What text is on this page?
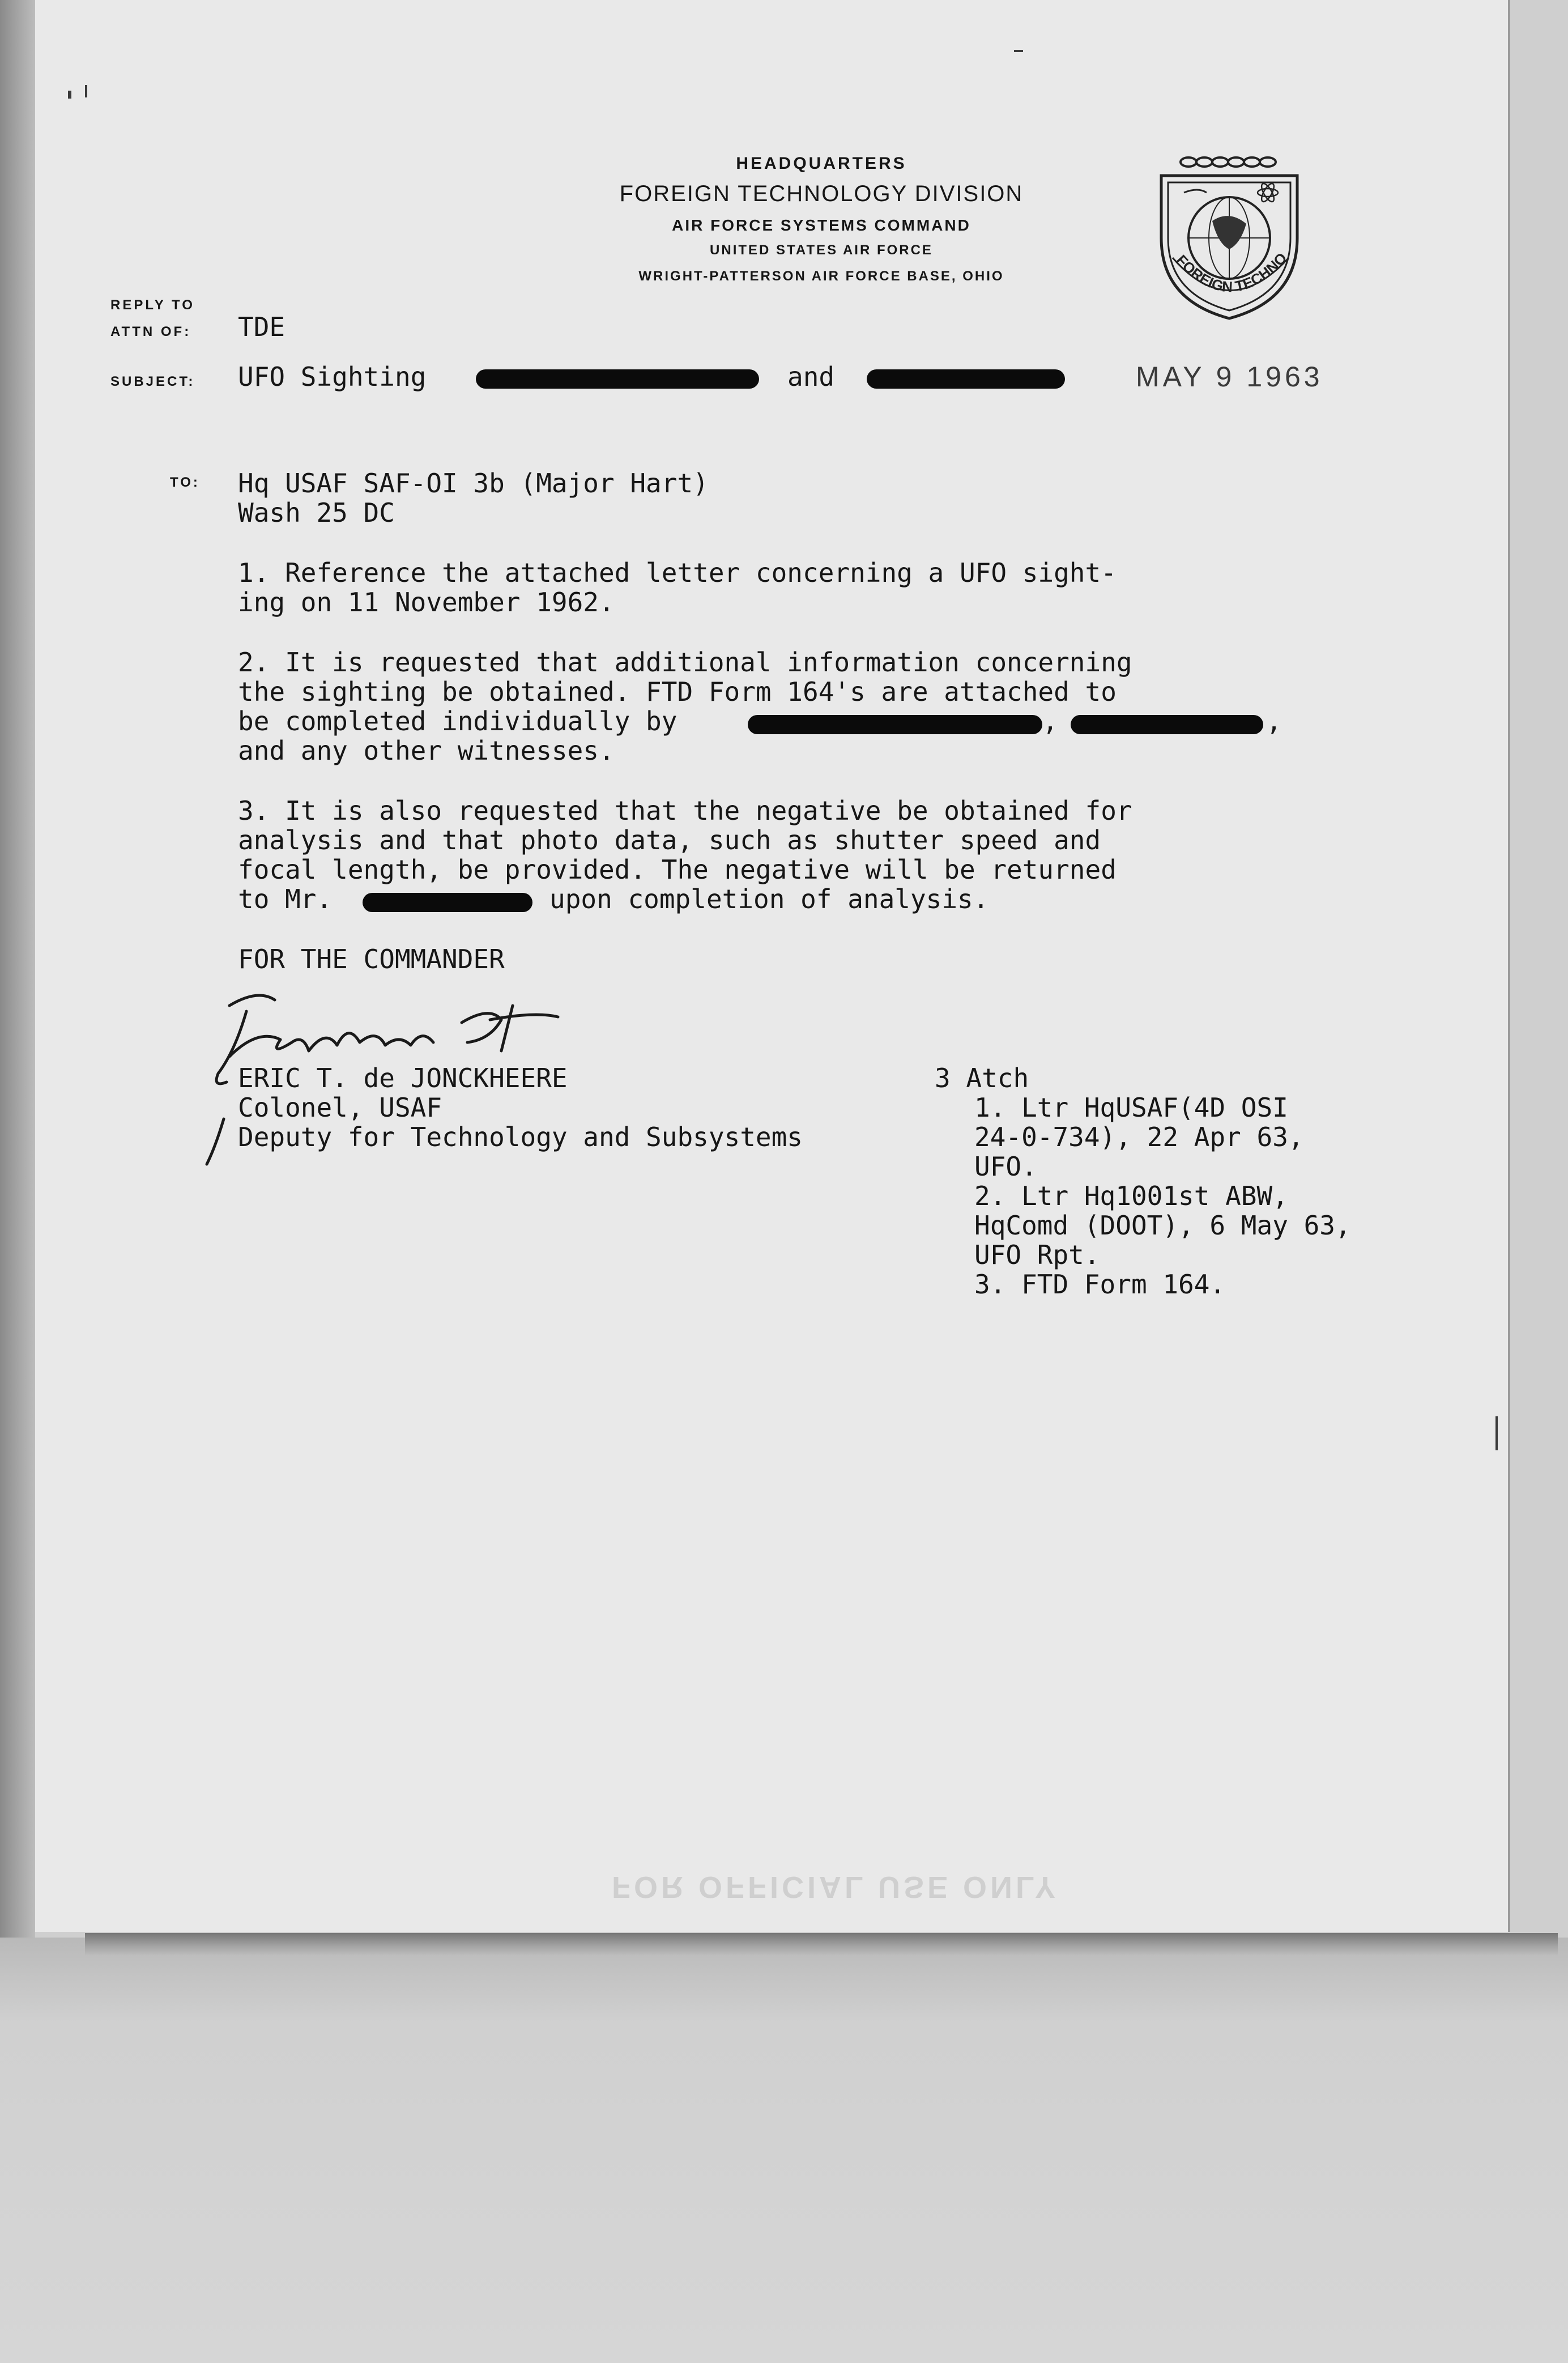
HEADQUARTERS
FOREIGN TECHNOLOGY DIVISION
AIR FORCE SYSTEMS COMMAND
UNITED STATES AIR FORCE
WRIGHT-PATTERSON AIR FORCE BASE, OHIO
FOREIGN TECHNO
REPLY TO
ATTN OF: TDE
SUBJECT: UFO Sighting	and	MAY 9 1963
TO: Hq USAF SAF-OI 3b (Major Hart)
Wash 25 DC
1. Reference the attached letter concerning a UFO sight-
ing on 11 November 1962.
2. It is requested that additional information concerning
the sighting be obtained. FTD Form 164's are attached to
be completed individually by	,	,
and any other witnesses.
3. It is also requested that the negative be obtained for
analysis and that photo data, such as shutter speed and
focal length, be provided. The negative will be returned
to Mr.	upon completion of analysis.
FOR THE COMMANDER
ERIC T. de JONCKHEERE
Colonel, USAF
Deputy for Technology and Subsystems
3 Atch
1. Ltr HqUSAF(4D OSI
24-0-734), 22 Apr 63,
UFO.
2. Ltr Hq1001st ABW,
HqComd (DOOT), 6 May 63,
UFO Rpt.
3. FTD Form 164.
FOR OFFICIAL USE ONLY
